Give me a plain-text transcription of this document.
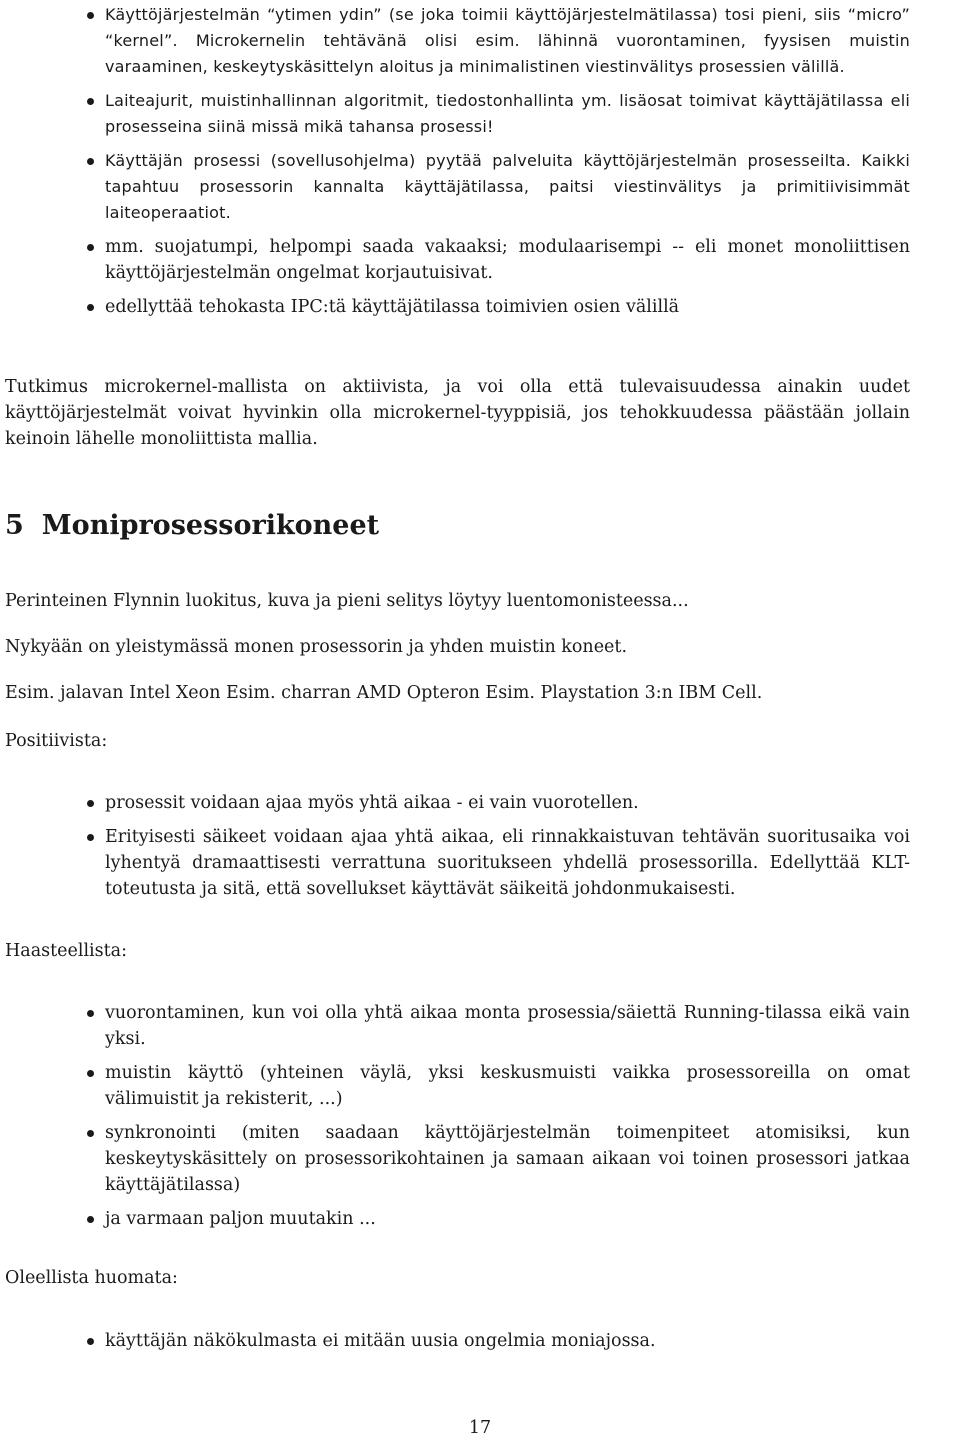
Käyttöjärjestelmän “ytimen ydin” (se joka toimii käyttöjärjestelmätilassa) tosi pieni, siis “micro” “kernel”. Microkernelin tehtävänä olisi esim. lähinnä vuorontaminen, fyysisen muistin varaaminen, keskeytyskäsittelyn aloitus ja minimalistinen viestinvälitys prosessien välillä.
Laiteajurit, muistinhallinnan algoritmit, tiedostonhallinta ym. lisäosat toimivat käyttäjätilassa eli prosesseina siinä missä mikä tahansa prosessi!
Käyttäjän prosessi (sovellusohjelma) pyytää palveluita käyttöjärjestelmän prosesseilta. Kaikki tapahtuu prosessorin kannalta käyttäjätilassa, paitsi viestinvälitys ja primitiivisimmät laiteoperaatiot.
mm. suojatumpi, helpompi saada vakaaksi; modulaarisempi -- eli monet monoliittisen käyttöjärjestelmän ongelmat korjautuisivat.
edellyttää tehokasta IPC:tä käyttäjätilassa toimivien osien välillä

Tutkimus microkernel-mallista on aktiivista, ja voi olla että tulevaisuudessa ainakin uudet käyttöjärjestelmät voivat hyvinkin olla microkernel-tyyppisiä, jos tehokkuudessa päästään jollain keinoin lähelle monoliittista mallia.

5 Moniprosessorikoneet

Perinteinen Flynnin luokitus, kuva ja pieni selitys löytyy luentomonisteessa...

Nykyään on yleistymässä monen prosessorin ja yhden muistin koneet.

Esim. jalavan Intel Xeon Esim. charran AMD Opteron Esim. Playstation 3:n IBM Cell.

Positiivista:

prosessit voidaan ajaa myös yhtä aikaa - ei vain vuorotellen.
Erityisesti säikeet voidaan ajaa yhtä aikaa, eli rinnakkaistuvan tehtävän suoritusaika voi lyhentyä dramaattisesti verrattuna suoritukseen yhdellä prosessorilla. Edellyttää KLT-toteutusta ja sitä, että sovellukset käyttävät säikeitä johdonmukaisesti.

Haasteellista:

vuorontaminen, kun voi olla yhtä aikaa monta prosessia/säiettä Running-tilassa eikä vain yksi.
muistin käyttö (yhteinen väylä, yksi keskusmuisti vaikka prosessoreilla on omat välimuistit ja rekisterit, ...)
synkronointi (miten saadaan käyttöjärjestelmän toimenpiteet atomisiksi, kun keskeytyskäsittely on prosessorikohtainen ja samaan aikaan voi toinen prosessori jatkaa käyttäjätilassa)
ja varmaan paljon muutakin ...

Oleellista huomata:

käyttäjän näkökulmasta ei mitään uusia ongelmia moniajossa.
17
